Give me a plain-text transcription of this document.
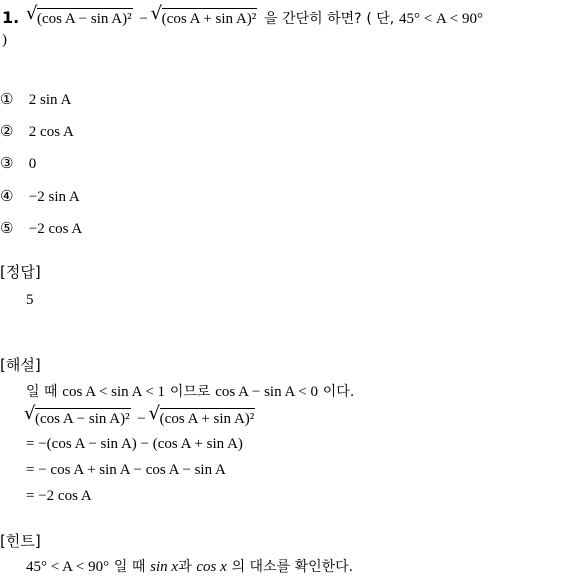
1. √ (cos A − sin A)² − √ (cos A + sin A)² 을 간단히 하면? ( 단, 45° < A < 90°
)
① 2 sin A
② 2 cos A
③ 0
④ −2 sin A
⑤ −2 cos A
[정답]
5
[해설]
일 때 cos A < sin A < 1 이므로 cos A − sin A < 0 이다.
√ (cos A − sin A)² − √ (cos A + sin A)²
= −(cos A − sin A) − (cos A + sin A)
= − cos A + sin A − cos A − sin A
= −2 cos A
[힌트]
45° < A < 90° 일 때 sin x과 cos x 의 대소를 확인한다.
